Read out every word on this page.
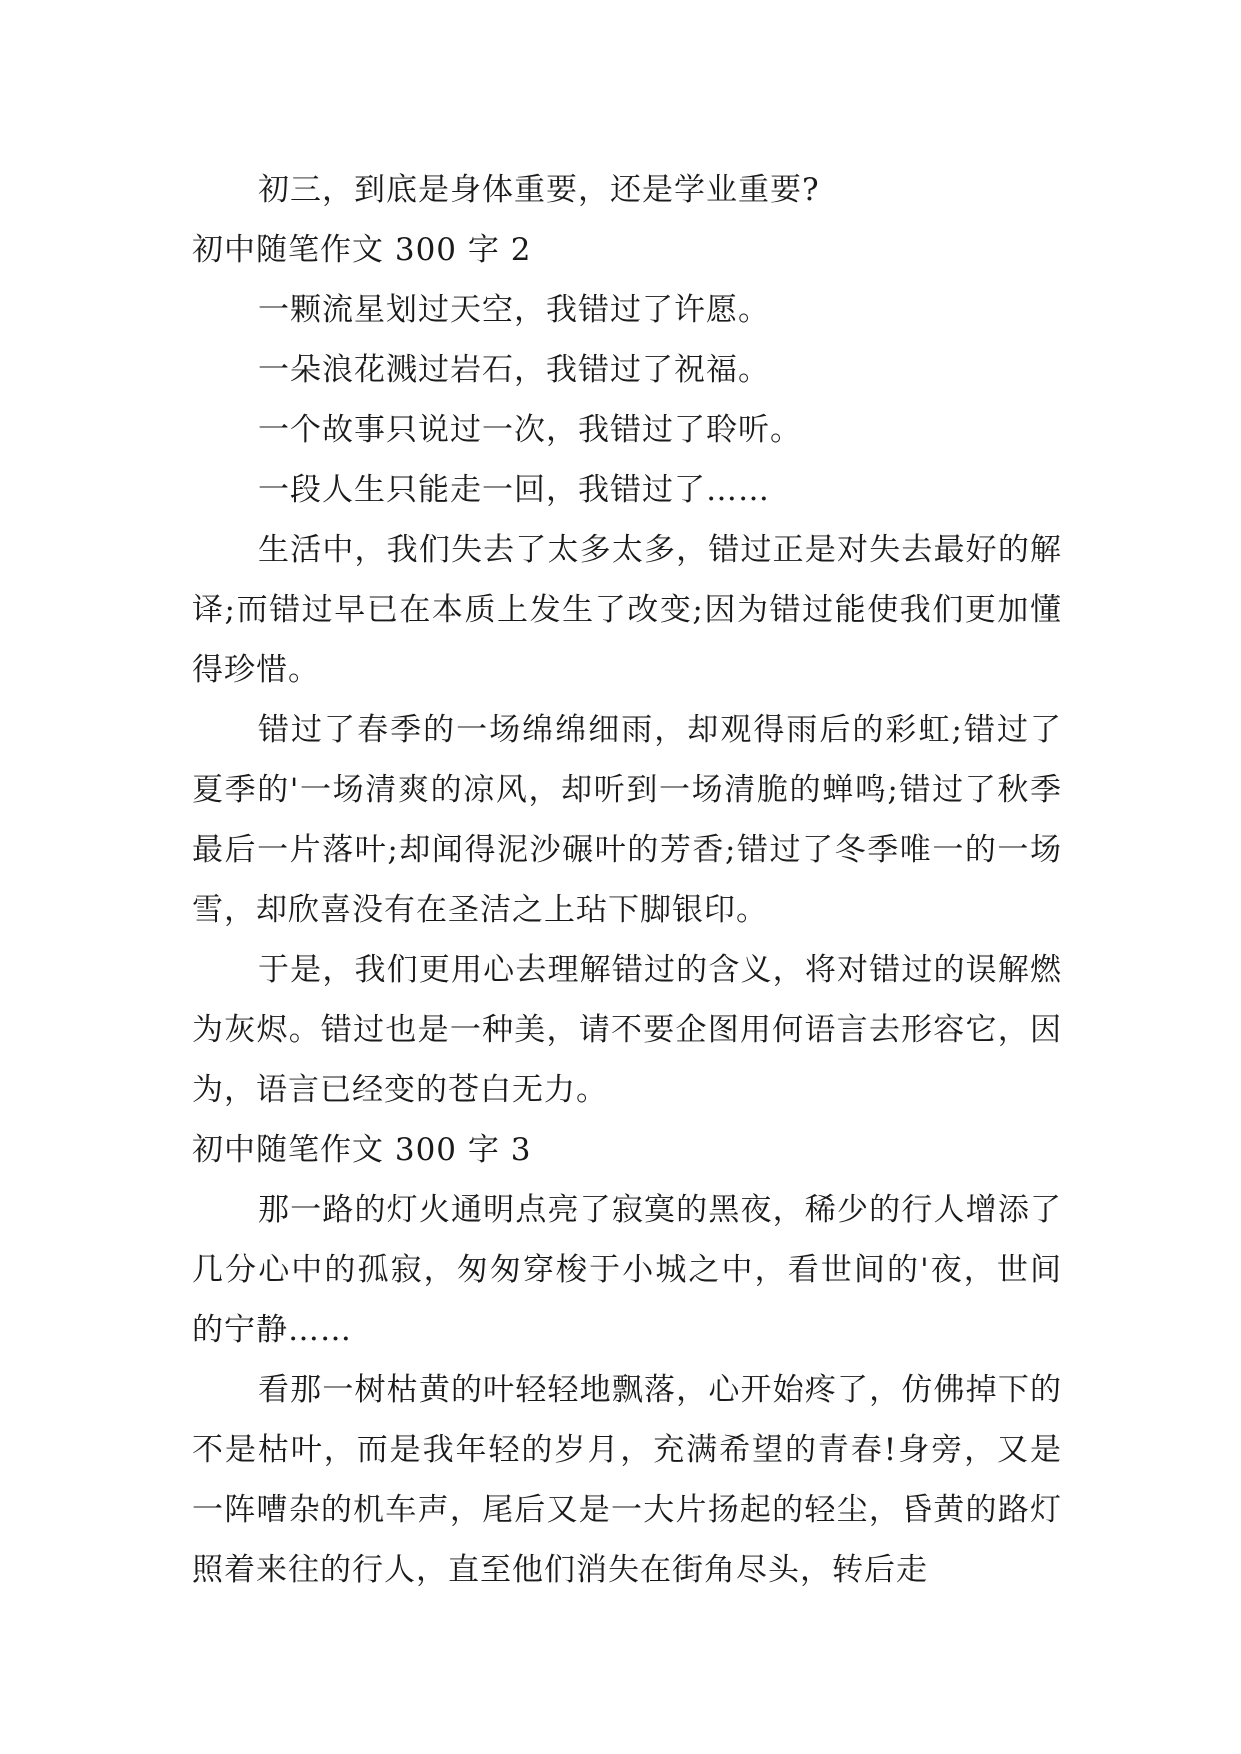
初三，到底是身体重要，还是学业重要?

初中随笔作文 300 字 2

一颗流星划过天空，我错过了许愿。

一朵浪花溅过岩石，我错过了祝福。

一个故事只说过一次，我错过了聆听。

一段人生只能走一回，我错过了……

生活中，我们失去了太多太多，错过正是对失去最好的解译;而错过早已在本质上发生了改变;因为错过能使我们更加懂得珍惜。

错过了春季的一场绵绵细雨，却观得雨后的彩虹;错过了夏季的'一场清爽的凉风，却听到一场清脆的蝉鸣;错过了秋季最后一片落叶;却闻得泥沙碾叶的芳香;错过了冬季唯一的一场雪，却欣喜没有在圣洁之上玷下脚银印。

于是，我们更用心去理解错过的含义，将对错过的误解燃为灰烬。错过也是一种美，请不要企图用何语言去形容它，因为，语言已经变的苍白无力。

初中随笔作文 300 字 3

那一路的灯火通明点亮了寂寞的黑夜，稀少的行人增添了几分心中的孤寂，匆匆穿梭于小城之中，看世间的'夜，世间的宁静……

看那一树枯黄的叶轻轻地飘落，心开始疼了，仿佛掉下的不是枯叶，而是我年轻的岁月，充满希望的青春!身旁，又是一阵嘈杂的机车声，尾后又是一大片扬起的轻尘，昏黄的路灯照着来往的行人，直至他们消失在街角尽头，转后走
